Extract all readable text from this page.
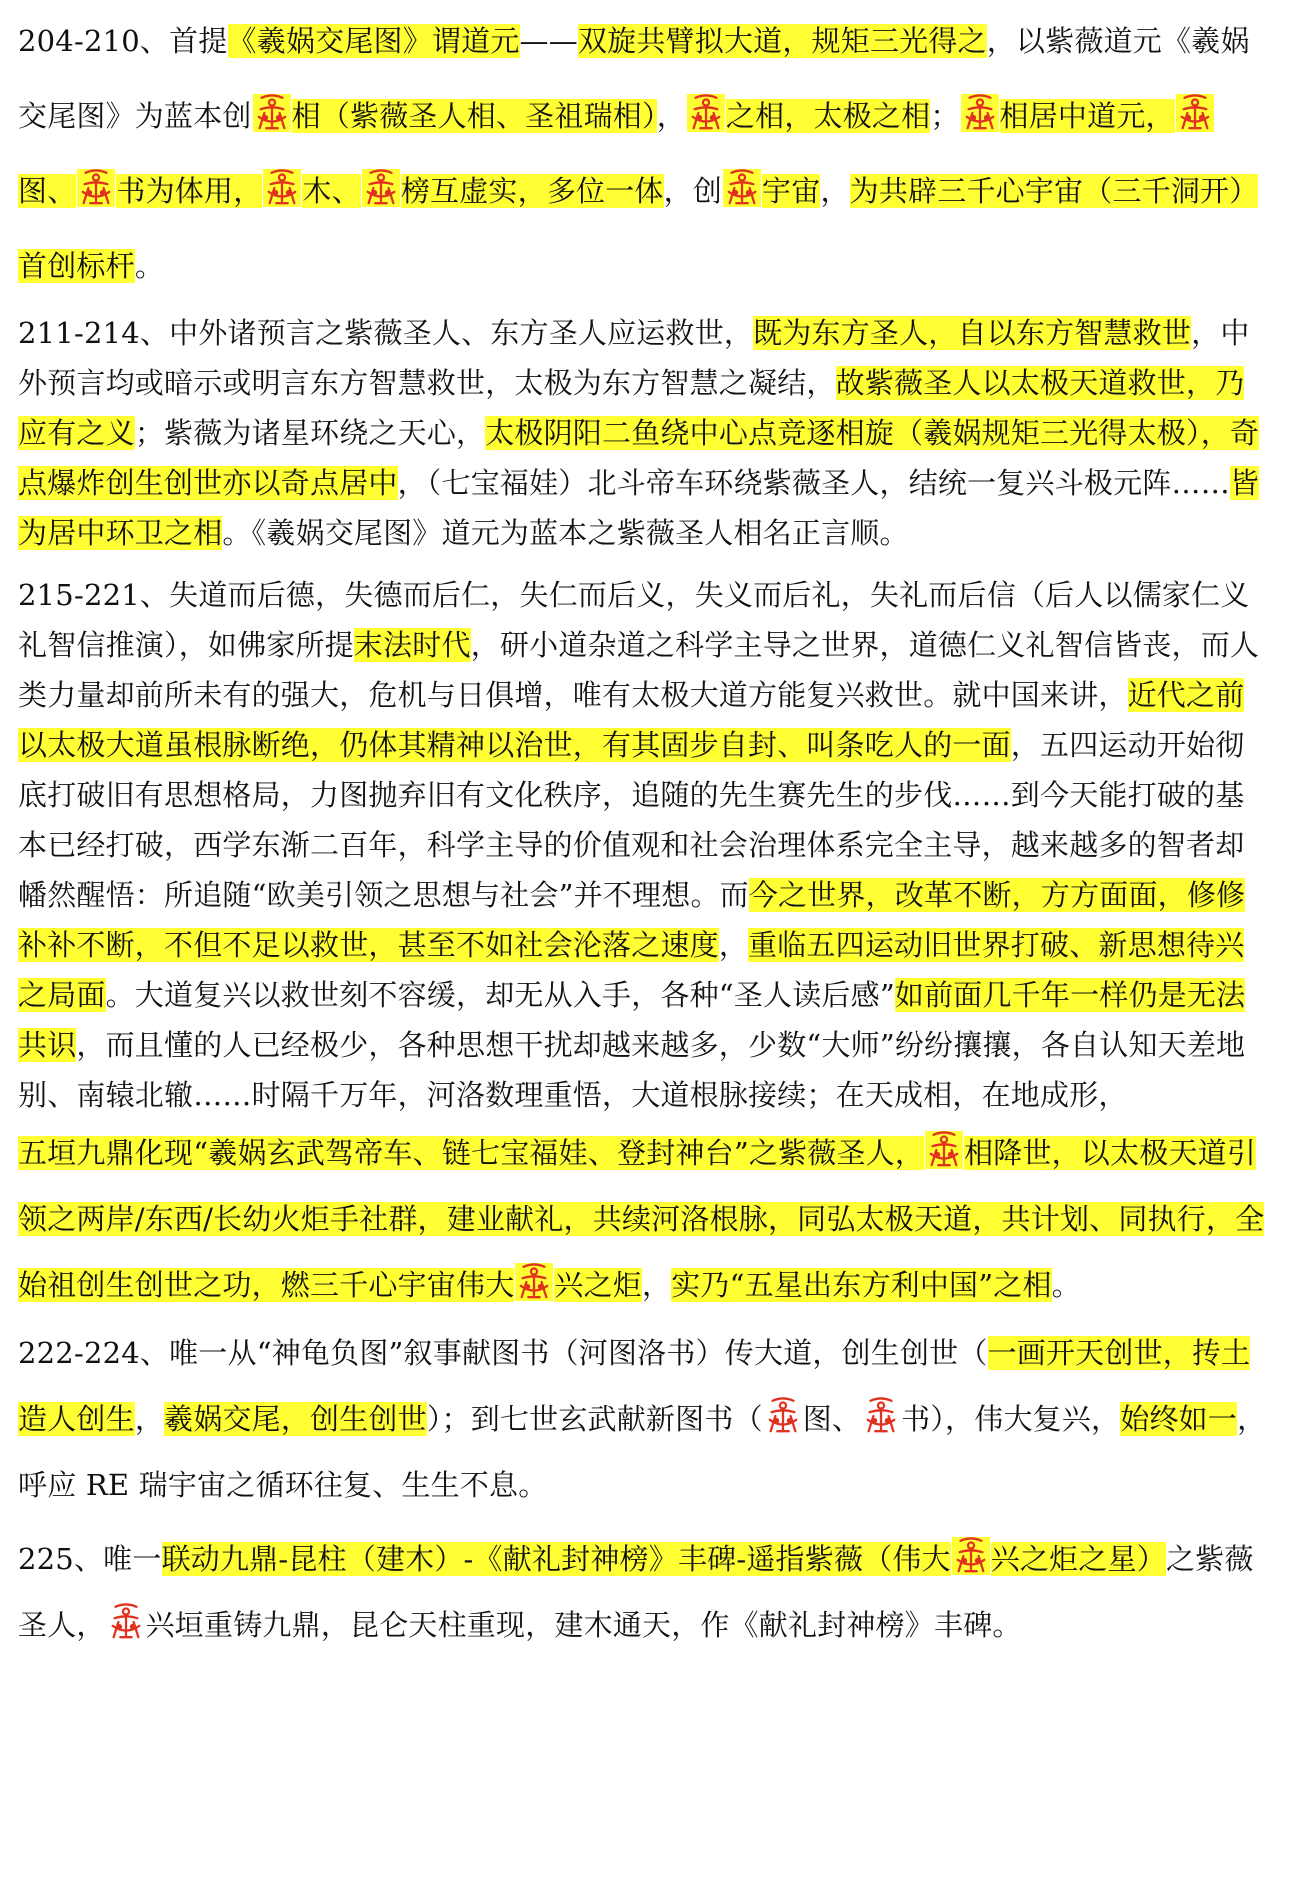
204-210、首提《羲娲交尾图》谓道元——双旋共臂拟大道，规矩三光得之，以紫薇道元《羲娲交尾图》为蓝本创 相（紫薇圣人相、圣祖瑞相）， 之相，太极之相； 相居中道元，
图、 书为体用， 木、 榜互虚实，多位一体，创 宇宙，为共辟三千心宇宙（三千洞开）首创标杆。

211-214、中外诸预言之紫薇圣人、东方圣人应运救世，既为东方圣人，自以东方智慧救世，中外预言均或暗示或明言东方智慧救世，太极为东方智慧之凝结，故紫薇圣人以太极天道救世，乃应有之义；紫薇为诸星环绕之天心，太极阴阳二鱼绕中心点竞逐相旋（羲娲规矩三光得太极），奇点爆炸创生创世亦以奇点居中，（七宝福娃）北斗帝车环绕紫薇圣人，结统一复兴斗极元阵……皆为居中环卫之相。《羲娲交尾图》道元为蓝本之紫薇圣人相名正言顺。

215-221、失道而后德，失德而后仁，失仁而后义，失义而后礼，失礼而后信（后人以儒家仁义礼智信推演），如佛家所提末法时代，研小道杂道之科学主导之世界，道德仁义礼智信皆丧，而人类力量却前所未有的强大，危机与日俱增，唯有太极大道方能复兴救世。就中国来讲，近代之前以太极大道虽根脉断绝，仍体其精神以治世，有其固步自封、叫条吃人的一面，五四运动开始彻底打破旧有思想格局，力图抛弃旧有文化秩序，追随的先生赛先生的步伐……到今天能打破的基本已经打破，西学东渐二百年，科学主导的价值观和社会治理体系完全主导，越来越多的智者却幡然醒悟：所追随“欧美引领之思想与社会”并不理想。而今之世界，改革不断，方方面面，修修补补不断，不但不足以救世，甚至不如社会沦落之速度，重临五四运动旧世界打破、新思想待兴之局面。大道复兴以救世刻不容缓，却无从入手，各种“圣人读后感”如前面几千年一样仍是无法共识，而且懂的人已经极少，各种思想干扰却越来越多，少数“大师”纷纷攘攘，各自认知天差地别、南辕北辙……时隔千万年，河洛数理重悟，大道根脉接续；在天成相，在地成形，

五垣九鼎化现“羲娲玄武驾帝车、链七宝福娃、登封神台”之紫薇圣人， 相降世，以太极天道引领之两岸/东西/长幼火炬手社群，建业献礼，共续河洛根脉，同弘太极天道，共计划、同执行，全始祖创生创世之功，燃三千心宇宙伟大 兴之炬，实乃“五星出东方利中国”之相。

222-224、唯一从“神龟负图”叙事献图书（河图洛书）传大道，创生创世（一画开天创世，抟土造人创生，羲娲交尾，创生创世）；到七世玄武献新图书（ 图、 书），伟大复兴，始终如一，呼应 RE 瑞宇宙之循环往复、生生不息。

225、唯一联动九鼎-昆柱（建木）-《献礼封神榜》丰碑-遥指紫薇（伟大 兴之炬之星）之紫薇圣人， 兴垣重铸九鼎，昆仑天柱重现，建木通天，作《献礼封神榜》丰碑。
